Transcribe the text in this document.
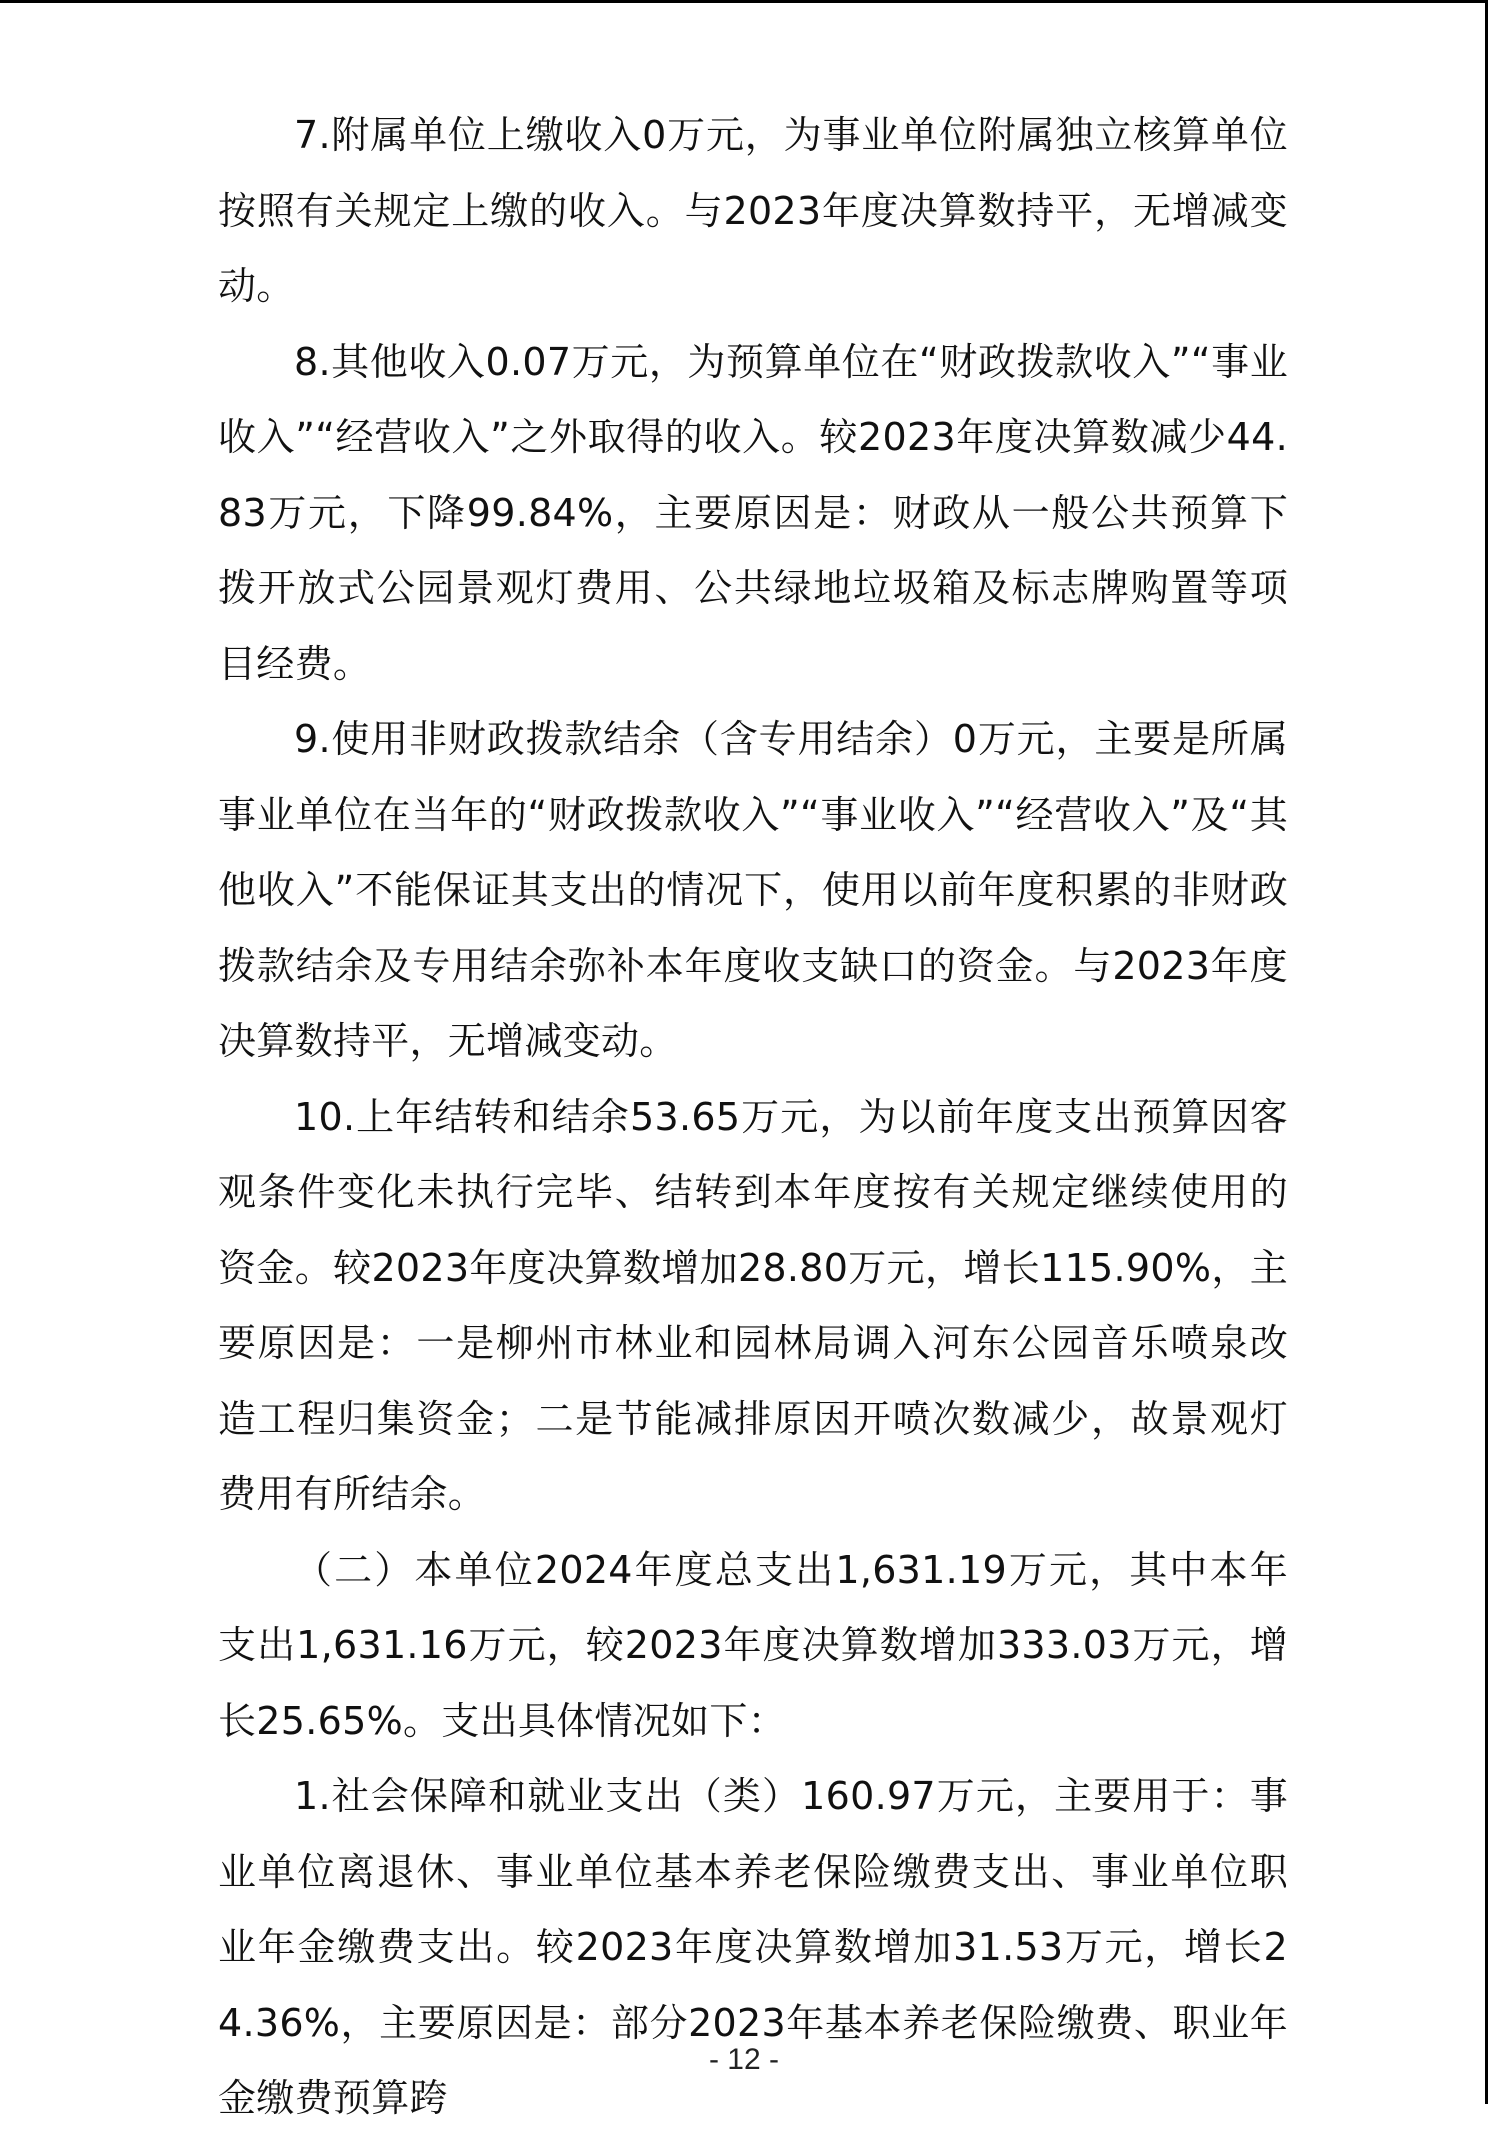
7.附属单位上缴收入0万元，为事业单位附属独立核算单位按照有关规定上缴的收入。与2023年度决算数持平，无增减变动。

8.其他收入0.07万元，为预算单位在“财政拨款收入”“事业收入”“经营收入”之外取得的收入。较2023年度决算数减少44.83万元，下降99.84%，主要原因是：财政从一般公共预算下拨开放式公园景观灯费用、公共绿地垃圾箱及标志牌购置等项目经费。

9.使用非财政拨款结余（含专用结余）0万元，主要是所属事业单位在当年的“财政拨款收入”“事业收入”“经营收入”及“其他收入”不能保证其支出的情况下，使用以前年度积累的非财政拨款结余及专用结余弥补本年度收支缺口的资金。与2023年度决算数持平，无增减变动。

10.上年结转和结余53.65万元，为以前年度支出预算因客观条件变化未执行完毕、结转到本年度按有关规定继续使用的资金。较2023年度决算数增加28.80万元，增长115.90%，主要原因是：一是柳州市林业和园林局调入河东公园音乐喷泉改造工程归集资金；二是节能减排原因开喷次数减少，故景观灯费用有所结余。

（二）本单位2024年度总支出1,631.19万元，其中本年支出1,631.16万元，较2023年度决算数增加333.03万元，增长25.65%。支出具体情况如下：

1.社会保障和就业支出（类）160.97万元，主要用于：事业单位离退休、事业单位基本养老保险缴费支出、事业单位职业年金缴费支出。较2023年度决算数增加31.53万元，增长24.36%，主要原因是：部分2023年基本养老保险缴费、职业年金缴费预算跨

- 12 -
